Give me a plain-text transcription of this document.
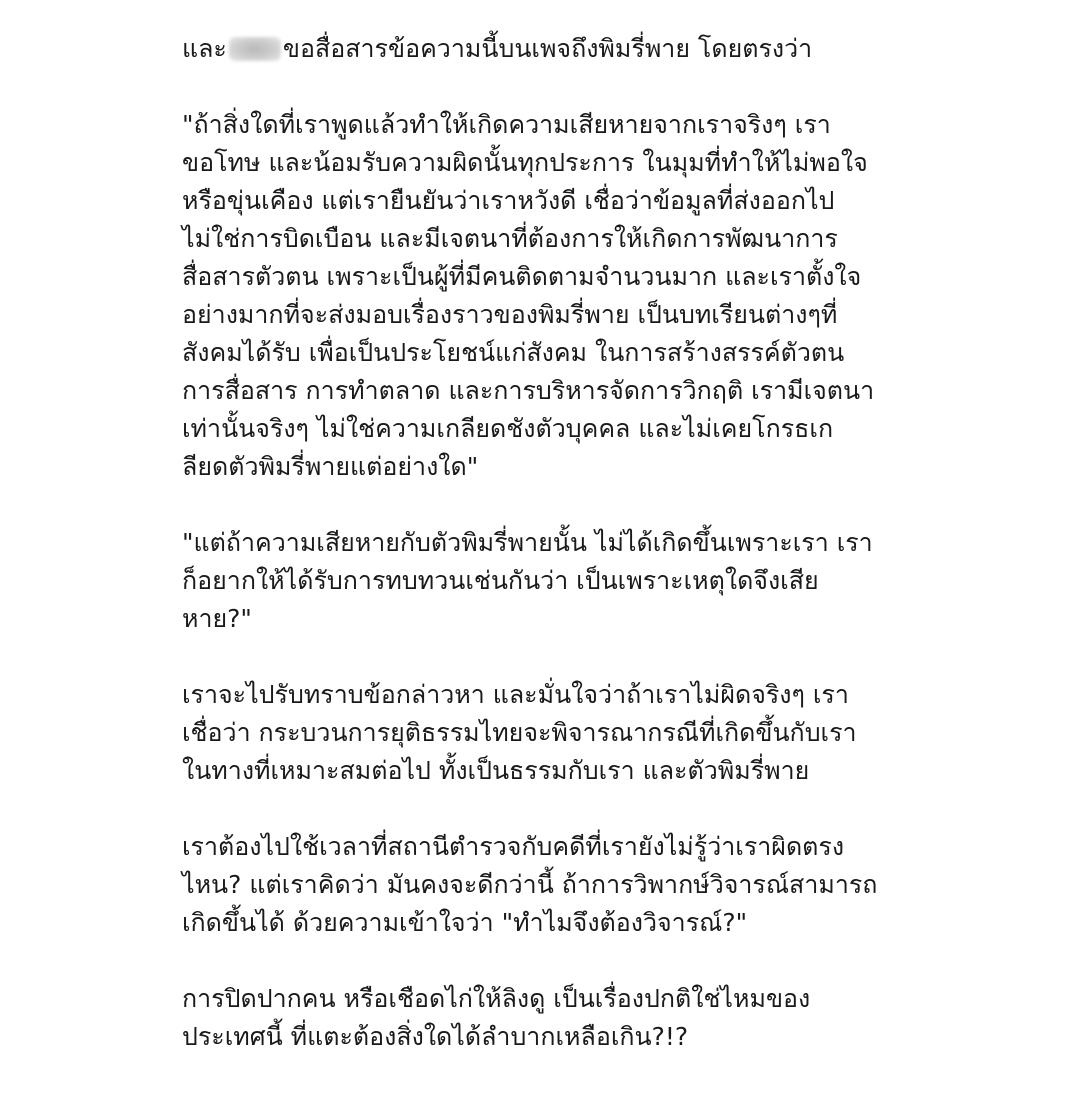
และ ขอสื่อสารข้อความนี้บนเพจถึงพิมรี่พาย โดยตรงว่า

"ถ้าสิ่งใดที่เราพูดแล้วทำให้เกิดความเสียหายจากเราจริงๆ เรา
ขอโทษ และน้อมรับความผิดนั้นทุกประการ ในมุมที่ทำให้ไม่พอใจ
หรือขุ่นเคือง แต่เรายืนยันว่าเราหวังดี เชื่อว่าข้อมูลที่ส่งออกไป
ไม่ใช่การบิดเบือน และมีเจตนาที่ต้องการให้เกิดการพัฒนาการ
สื่อสารตัวตน เพราะเป็นผู้ที่มีคนติดตามจำนวนมาก และเราตั้งใจ
อย่างมากที่จะส่งมอบเรื่องราวของพิมรี่พาย เป็นบทเรียนต่างๆที่
สังคมได้รับ เพื่อเป็นประโยชน์แก่สังคม ในการสร้างสรรค์ตัวตน
การสื่อสาร การทำตลาด และการบริหารจัดการวิกฤติ เรามีเจตนา
เท่านั้นจริงๆ ไม่ใช่ความเกลียดชังตัวบุคคล และไม่เคยโกรธเก
ลียดตัวพิมรี่พายแต่อย่างใด"

"แต่ถ้าความเสียหายกับตัวพิมรี่พายนั้น ไม่ได้เกิดขึ้นเพราะเรา เรา
ก็อยากให้ได้รับการทบทวนเช่นกันว่า เป็นเพราะเหตุใดจึงเสีย
หาย?"

เราจะไปรับทราบข้อกล่าวหา และมั่นใจว่าถ้าเราไม่ผิดจริงๆ เรา
เชื่อว่า กระบวนการยุติธรรมไทยจะพิจารณากรณีที่เกิดขึ้นกับเรา
ในทางที่เหมาะสมต่อไป ทั้งเป็นธรรมกับเรา และตัวพิมรี่พาย

เราต้องไปใช้เวลาที่สถานีตำรวจกับคดีที่เรายังไม่รู้ว่าเราผิดตรง
ไหน? แต่เราคิดว่า มันคงจะดีกว่านี้ ถ้าการวิพากษ์วิจารณ์สามารถ
เกิดขึ้นได้ ด้วยความเข้าใจว่า "ทำไมจึงต้องวิจารณ์?"

การปิดปากคน หรือเชือดไก่ให้ลิงดู เป็นเรื่องปกติใช่ไหมของ
ประเทศนี้ ที่แตะต้องสิ่งใดได้ลำบากเหลือเกิน?!?
